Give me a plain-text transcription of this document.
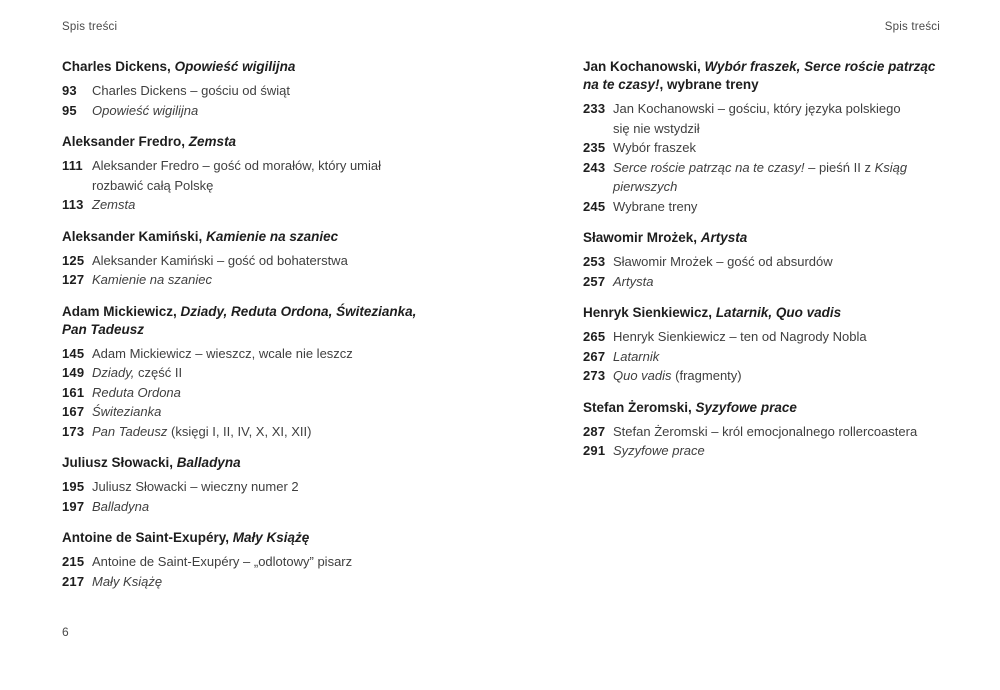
Spis treści	Spis treści
Charles Dickens, Opowieść wigilijna
93	Charles Dickens – gościu od świąt
95	Opowieść wigilijna
Aleksander Fredro, Zemsta
111 Aleksander Fredro – gość od morałów, który umiał
rozbawić całą Polskę
113 Zemsta
Aleksander Kamiński, Kamienie na szaniec
125 Aleksander Kamiński – gość od bohaterstwa
127 Kamienie na szaniec
Adam Mickiewicz, Dziady, Reduta Ordona, Świtezianka,
Pan Tadeusz
145 Adam Mickiewicz – wieszcz, wcale nie leszcz
149 Dziady, część II
161 Reduta Ordona
167 Świtezianka
173 Pan Tadeusz (księgi I, II, IV, X, XI, XII)
Juliusz Słowacki, Balladyna
195 Juliusz Słowacki – wieczny numer 2
197 Balladyna
Antoine de Saint-Exupéry, Mały Książę
215 Antoine de Saint-Exupéry – „odlotowy” pisarz
217 Mały Książę
Jan Kochanowski, Wybór fraszek, Serce roście patrząc
na te czasy!, wybrane treny
233 Jan Kochanowski – gościu, który języka polskiego
się nie wstydził
235 Wybór fraszek
243 Serce roście patrząc na te czasy! – pieśń II z Ksiąg
pierwszych
245 Wybrane treny
Sławomir Mrożek, Artysta
253 Sławomir Mrożek – gość od absurdów
257 Artysta
Henryk Sienkiewicz, Latarnik, Quo vadis
265 Henryk Sienkiewicz – ten od Nagrody Nobla
267 Latarnik
273 Quo vadis (fragmenty)
Stefan Żeromski, Syzyfowe prace
287 Stefan Żeromski – król emocjonalnego rollercoastera
291 Syzyfowe prace
6
